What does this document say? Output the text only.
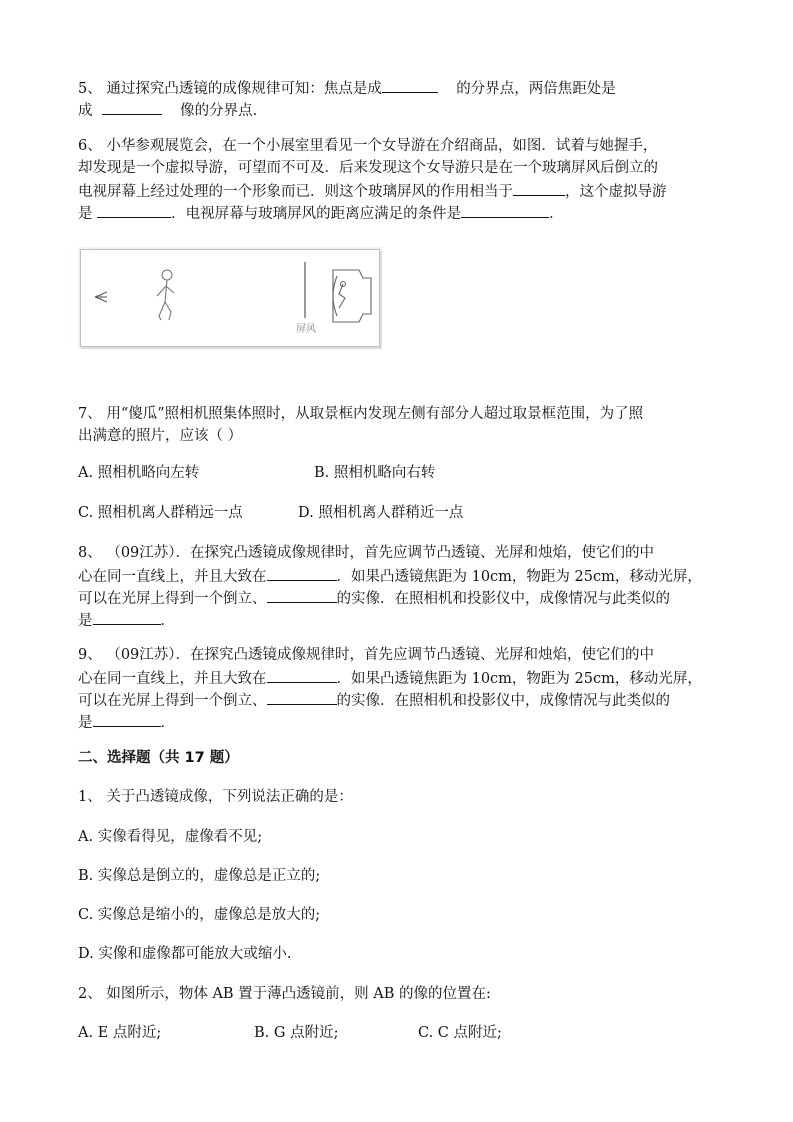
5、 通过探究凸透镜的成像规律可知：焦点是成	的分界点，两倍焦距处是
成	像的分界点.
6、 小华参观展览会，在一个小展室里看见一个女导游在介绍商品，如图．试着与她握手，
却发现是一个虚拟导游，可望而不可及．后来发现这个女导游只是在一个玻璃屏风后倒立的
电视屏幕上经过处理的一个形象而已．则这个玻璃屏风的作用相当于	，这个虚拟导游
是	．电视屏幕与玻璃屏风的距离应满足的条件是	．
屏风
7、 用“傻瓜”照相机照集体照时，从取景框内发现左侧有部分人超过取景框范围，为了照
出满意的照片，应该（ ）
A. 照相机略向左转	B. 照相机略向右转
C. 照相机离人群稍远一点	D. 照相机离人群稍近一点
8、 （09江苏）．在探究凸透镜成像规律时，首先应调节凸透镜、光屏和烛焰，使它们的中
心在同一直线上，并且大致在	．如果凸透镜焦距为 10cm，物距为 25cm，移动光屏，
可以在光屏上得到一个倒立、	的实像．在照相机和投影仪中，成像情况与此类似的
是	．
9、 （09江苏）．在探究凸透镜成像规律时，首先应调节凸透镜、光屏和烛焰，使它们的中
心在同一直线上，并且大致在	．如果凸透镜焦距为 10cm，物距为 25cm，移动光屏，
可以在光屏上得到一个倒立、	的实像．在照相机和投影仪中，成像情况与此类似的
是	．
二、选择题（共 17 题）
1、 关于凸透镜成像，下列说法正确的是：
A. 实像看得见，虚像看不见;
B. 实像总是倒立的，虚像总是正立的;
C. 实像总是缩小的，虚像总是放大的;
D. 实像和虚像都可能放大或缩小.
2、 如图所示，物体 AB 置于薄凸透镜前，则 AB 的像的位置在:
A. E 点附近;	B. G 点附近;	C. C 点附近;
